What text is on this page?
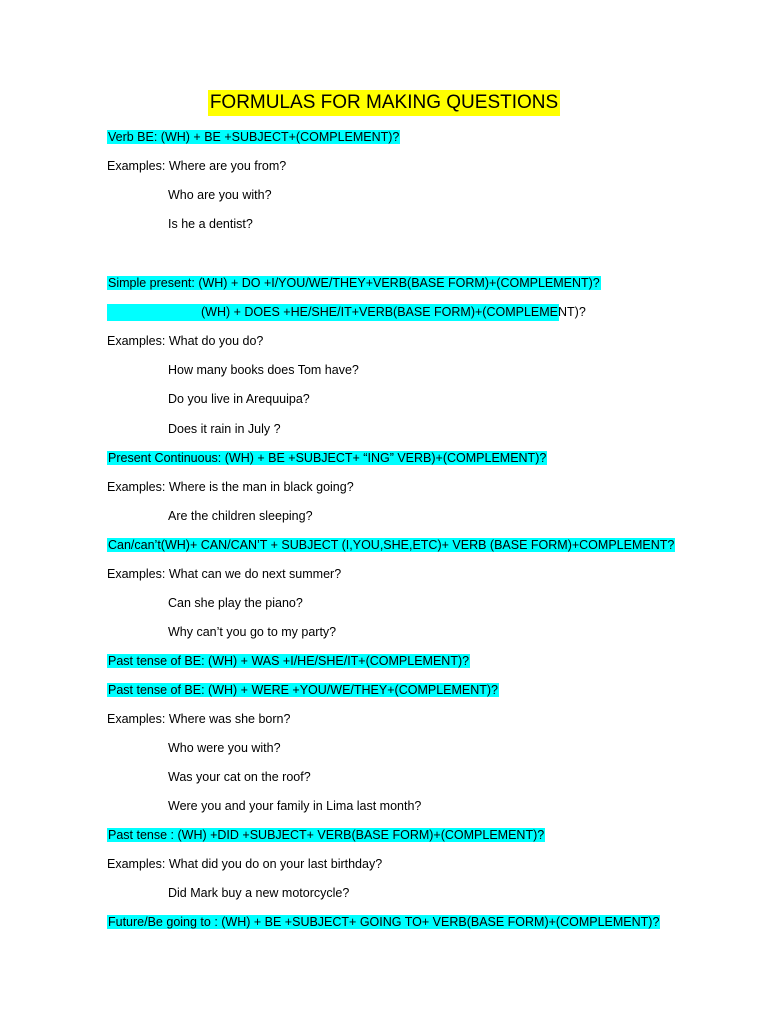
FORMULAS FOR MAKING QUESTIONS
Verb BE: (WH) + BE +SUBJECT+(COMPLEMENT)?
Examples: Where are you from?
Who are you with?
Is he a dentist?
Simple present: (WH) + DO +I/YOU/WE/THEY+VERB(BASE FORM)+(COMPLEMENT)?
(WH) + DOES +HE/SHE/IT+VERB(BASE FORM)+(COMPLEMENT)?
Examples: What do you do?
How many books does Tom have?
Do you live in Arequuipa?
Does it rain in July ?
Present Continuous: (WH) + BE +SUBJECT+ “ING” VERB)+(COMPLEMENT)?
Examples: Where is the man in black going?
Are the children sleeping?
Can/can’t(WH)+ CAN/CAN’T + SUBJECT (I,YOU,SHE,ETC)+ VERB (BASE FORM)+COMPLEMENT?
Examples: What can we do next summer?
Can she play the piano?
Why can’t you go to my party?
Past tense of BE: (WH) + WAS +I/HE/SHE/IT+(COMPLEMENT)?
Past tense of BE: (WH) + WERE +YOU/WE/THEY+(COMPLEMENT)?
Examples: Where was she born?
Who were you with?
Was your cat on the roof?
Were you and your family in Lima last month?
Past tense : (WH) +DID +SUBJECT+ VERB(BASE FORM)+(COMPLEMENT)?
Examples: What did you do on your last birthday?
Did Mark buy a new motorcycle?
Future/Be going to : (WH) + BE +SUBJECT+ GOING TO+ VERB(BASE FORM)+(COMPLEMENT)?
